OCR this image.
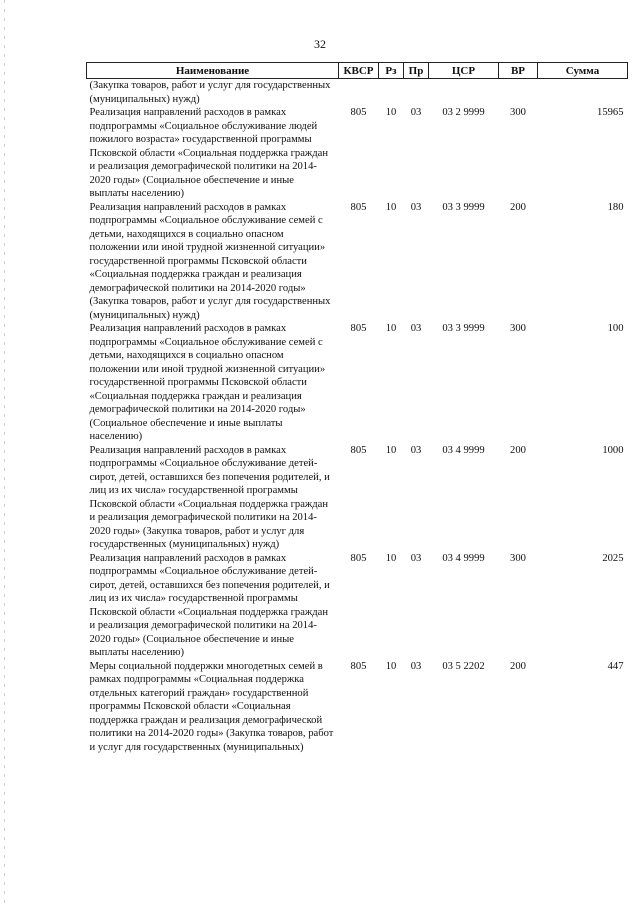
32
Наименование	КВСР	Рз	Пр	ЦСР	ВР	Сумма
(Закупка товаров, работ и услуг для государственных (муниципальных) нужд)						
Реализация направлений расходов в рамках подпрограммы «Социальное обслуживание людей пожилого возраста» государственной программы Псковской области «Социальная поддержка граждан и реализация демографической политики на 2014-2020 годы» (Социальное обеспечение и иные выплаты населению)	805	10	03	03 2 9999	300	15965
Реализация направлений расходов в рамках подпрограммы «Социальное обслуживание семей с детьми, находящихся в социально опасном положении или иной трудной жизненной ситуации» государственной программы Псковской области «Социальная поддержка граждан и реализация демографической политики на 2014-2020 годы» (Закупка товаров, работ и услуг для государственных (муниципальных) нужд)	805	10	03	03 3 9999	200	180
Реализация направлений расходов в рамках подпрограммы «Социальное обслуживание семей с детьми, находящихся в социально опасном положении или иной трудной жизненной ситуации» государственной программы Псковской области «Социальная поддержка граждан и реализация демографической политики на 2014-2020 годы» (Социальное обеспечение и иные выплаты населению)	805	10	03	03 3 9999	300	100
Реализация направлений расходов в рамках подпрограммы «Социальное обслуживание детей-сирот, детей, оставшихся без попечения родителей, и лиц из их числа» государственной программы Псковской области «Социальная поддержка граждан и реализация демографической политики на 2014-2020 годы» (Закупка товаров, работ и услуг для государственных (муниципальных) нужд)	805	10	03	03 4 9999	200	1000
Реализация направлений расходов в рамках подпрограммы «Социальное обслуживание детей-сирот, детей, оставшихся без попечения родителей, и лиц из их числа» государственной программы Псковской области «Социальная поддержка граждан и реализация демографической политики на 2014-2020 годы» (Социальное обеспечение и иные выплаты населению)	805	10	03	03 4 9999	300	2025
Меры социальной поддержки многодетных семей в рамках подпрограммы «Социальная поддержка отдельных категорий граждан» государственной программы Псковской области «Социальная поддержка граждан и реализация демографической политики на 2014-2020 годы» (Закупка товаров, работ и услуг для государственных (муниципальных)	805	10	03	03 5 2202	200	447
